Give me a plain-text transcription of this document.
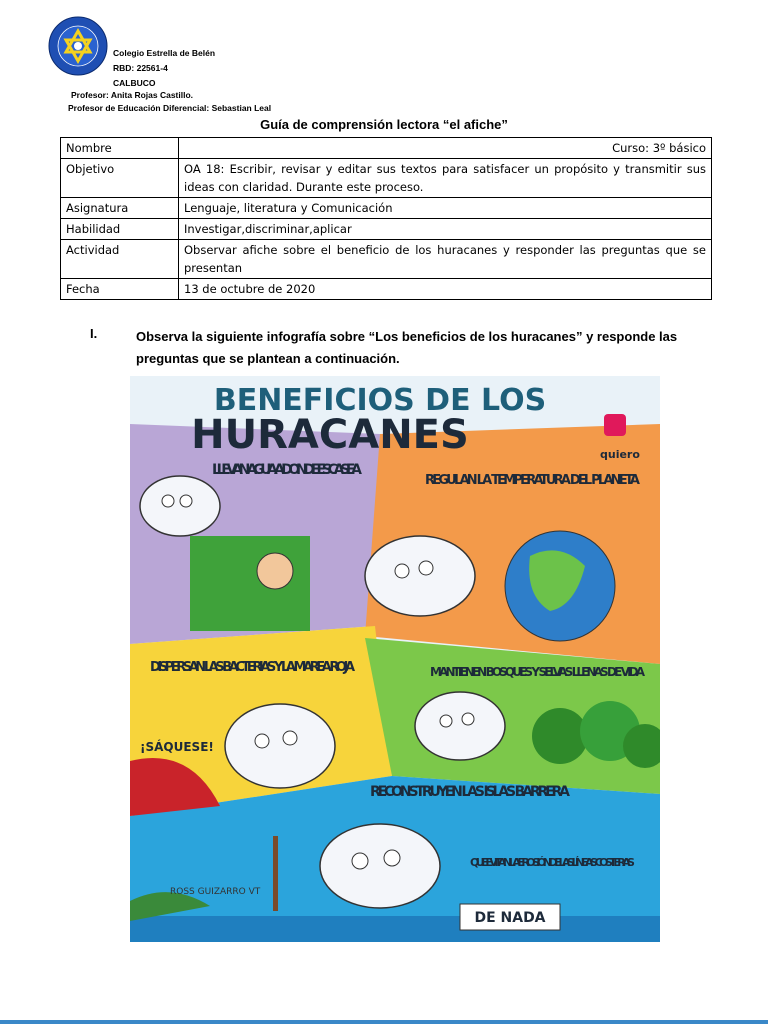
Colegio Estrella de Belén
RBD: 22561-4
CALBUCO
Profesor: Anita Rojas Castillo.
Profesor de Educación Diferencial: Sebastian Leal
Guía de comprensión lectora “el afiche”
Nombre	Curso: 3º básico

Objetivo	OA 18: Escribir, revisar y editar sus textos para satisfacer un propósito y transmitir sus ideas con claridad. Durante este proceso.
Asignatura	Lenguaje, literatura y Comunicación
Habilidad	Investigar,discriminar,aplicar
Actividad	Observar afiche sobre el beneficio de los huracanes y responder las preguntas que se presentan
Fecha	13 de octubre de 2020
I.	Observa la siguiente infografía sobre “Los beneficios de los huracanes” y responde las preguntas que se plantean a continuación.
BENEFICIOS DE LOS
HURACANES	quiero
LLEVAN AGUA A DONDE ESCASEA
REGULAN LA TEMPERATURA DEL PLANETA
DISPERSAN LAS BACTERIAS Y LA MAREA ROJA
¡SÁQUESE!
MANTIENEN BOSQUES Y SELVAS LLENAS DE VIDA
RECONSTRUYEN LAS ISLAS BARRERA
QUE EVITAN LA EROSIÓN DE LAS LÍNEAS COSTERAS
ROSS GUIZARRO VT
DE NADA
